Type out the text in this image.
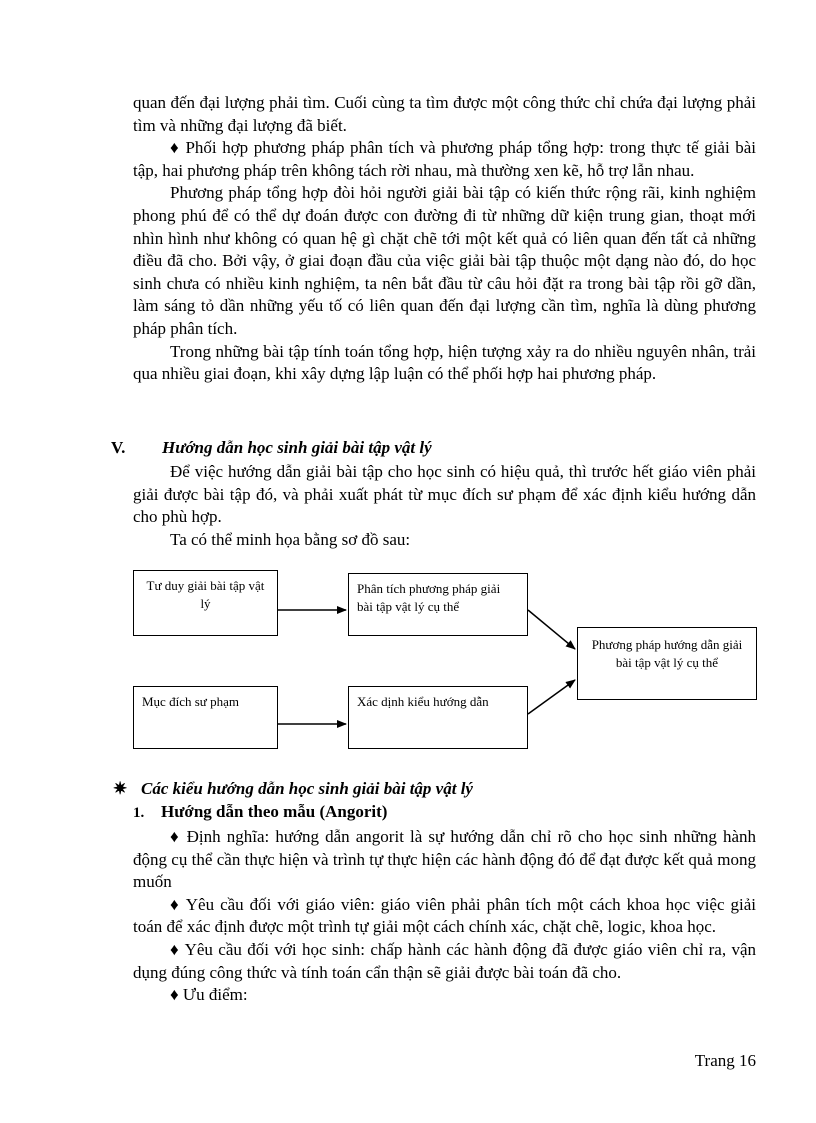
quan đến đại lượng phải tìm. Cuối cùng ta tìm được một công thức chỉ chứa đại lượng phải tìm và những đại lượng đã biết.

♦ Phối hợp phương pháp phân tích và phương pháp tổng hợp: trong thực tế giải bài tập, hai phương pháp trên không tách rời nhau, mà thường xen kẽ, hỗ trợ lẫn nhau.

Phương pháp tổng hợp đòi hỏi người giải bài tập có kiến thức rộng rãi, kinh nghiệm phong phú để có thể dự đoán được con đường đi từ những dữ kiện trung gian, thoạt mới nhìn hình như không có quan hệ gì chặt chẽ tới một kết quả có liên quan đến tất cả những điều đã cho. Bởi vậy, ở giai đoạn đầu của việc giải bài tập thuộc một dạng nào đó, do học sinh chưa có nhiều kinh nghiệm, ta nên bắt đầu từ câu hỏi đặt ra trong bài tập rồi gỡ dần, làm sáng tỏ dần những yếu tố có liên quan đến đại lượng cần tìm, nghĩa là dùng phương pháp phân tích.

Trong những bài tập tính toán tổng hợp, hiện tượng xảy ra do nhiều nguyên nhân, trải qua nhiều giai đoạn, khi xây dựng lập luận có thể phối hợp hai phương pháp.

V. Hướng dẫn học sinh giải bài tập vật lý

Để việc hướng dẫn giải bài tập cho học sinh có hiệu quả, thì trước hết giáo viên phải giải được bài tập đó, và phải xuất phát từ mục đích sư phạm để xác định kiểu hướng dẫn cho phù hợp.

Ta có thể minh họa bằng sơ đồ sau:

Tư duy giải bài tập vật lý
Phân tích phương pháp giải bài tập vật lý cụ thể
Mục đích sư phạm	Xác dịnh kiểu hướng dẫn
Phương pháp hướng dẫn giải bài tập vật lý cụ thể
✷ Các kiểu hướng dẫn học sinh giải bài tập vật lý
1. Hướng dẫn theo mẫu (Angorit)

♦ Định nghĩa: hướng dẫn angorit là sự hướng dẫn chỉ rõ cho học sinh những hành động cụ thể cần thực hiện và trình tự thực hiện các hành động đó để đạt được kết quả mong muốn

♦ Yêu cầu đối với giáo viên: giáo viên phải phân tích một cách khoa học việc giải toán để xác định được một trình tự giải một cách chính xác, chặt chẽ, logic, khoa học.

♦ Yêu cầu đối với học sinh: chấp hành các hành động đã được giáo viên chỉ ra, vận dụng đúng công thức và tính toán cẩn thận sẽ giải được bài toán đã cho.

♦ Ưu điểm:

Trang 16
